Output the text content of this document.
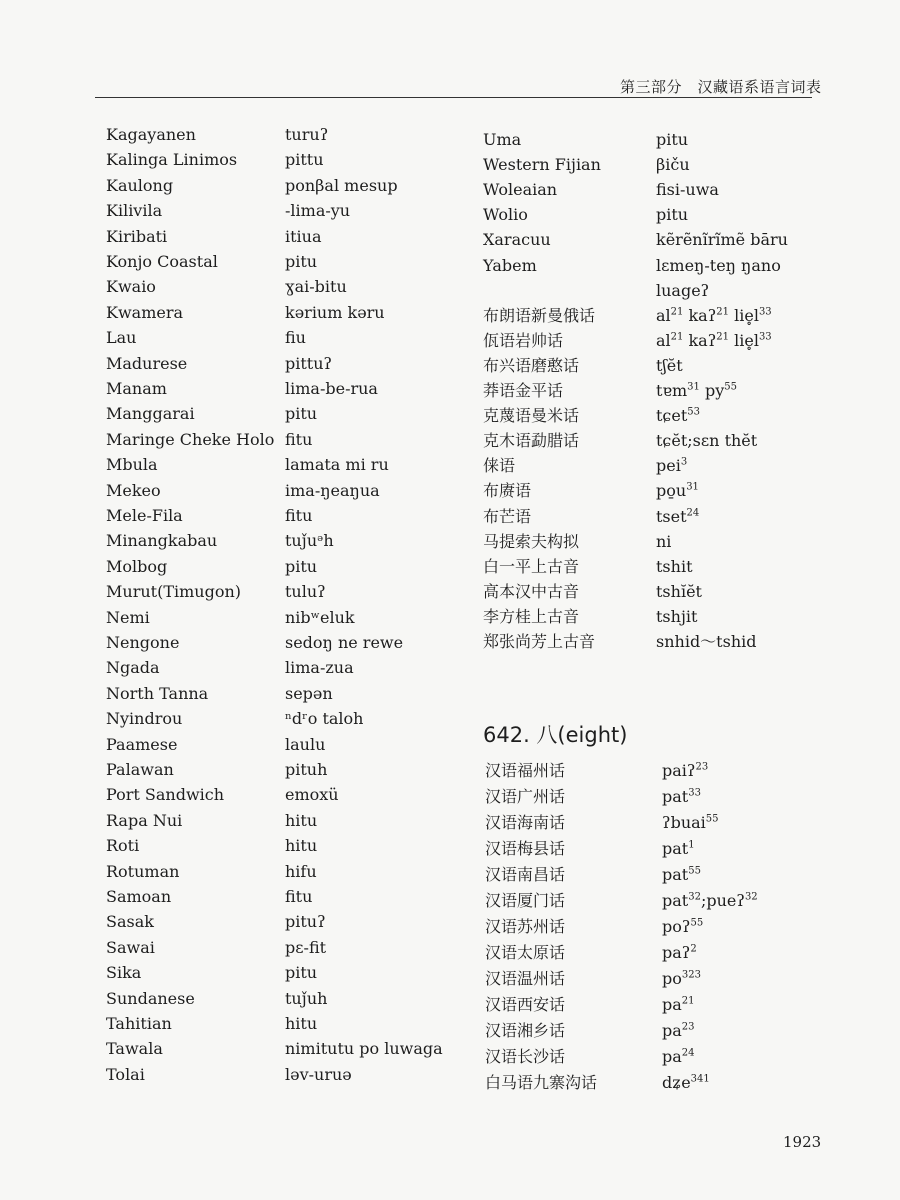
第三部分　汉藏语系语言词表
Kagayanen	turuʔ
Kalinga Linimos	pittu
Kaulong	ponβal mesup
Kilivila	-lima-yu
Kiribati	itiua
Konjo Coastal	pitu
Kwaio	ɣai-bitu
Kwamera	kərium kəru
Lau	fiu
Madurese	pittuʔ
Manam	lima-be-rua
Manggarai	pitu
Maringe Cheke Holo fitu
Mbula	lamata mi ru
Mekeo	ima-ŋeaŋua
Mele-Fila	fitu
Minangkabau	tuǰuᵊh
Molbog	pitu
Murut(Timugon)	tuluʔ
Nemi	nibʷeluk
Nengone	sedoŋ ne rewe
Ngada	lima-zua
North Tanna	sepən
Nyindrou	ⁿdʳo taloh
Paamese	laulu
Palawan	pituh
Port Sandwich	emoxü
Rapa Nui	hitu
Roti	hitu
Rotuman	hifu
Samoan	fitu
Sasak	pituʔ
Sawai	pɛ-fit
Sika	pitu
Sundanese	tuǰuh
Tahitian	hitu
Tawala	nimitutu po luwaga
Tolai	ləv-uruə
Uma	pitu
Western Fijian	βiču
Woleaian	fisi-uwa
Wolio	pitu
Xaracuu	kẽrẽnĩrĩmẽ bāru
Yabem	lɛmeŋ-teŋ ŋano
luageʔ
布朗语新曼俄话	$al^{21}$ kaʔ$^{21}$ $lie̥l^{33}$
佤语岩帅话	$al^{21}$ kaʔ$^{21}$ $lie̥l^{33}$
布兴语磨憨话	tʃĕt
莽语金平话	tɐm$^{31}$ $py^{55}$
克蔑语曼米话	tɕet$^{53}$
克木语勐腊话	tɕĕt;sɛn thĕt
俫语	pei$^3$
布赓语	$po̱u^{31}$
布芒语	tset$^{24}$
马提索夫构拟	ni
白一平上古音	tshit
高本汉中古音	tshĭĕt
李方桂上古音	tshjit
郑张尚芳上古音	snhid～tshid
642. 八(eight)
汉语福州话	paiʔ$^{23}$
汉语广州话	pat$^{33}$
汉语海南话	ʔbuai$^{55}$
汉语梅县话	pat$^1$
汉语南昌话	pat$^{55}$
汉语厦门话	pat$^{32}$;pueʔ$^{32}$
汉语苏州话	poʔ$^{55}$
汉语太原话	paʔ$^2$
汉语温州话	$po^{323}$
汉语西安话	$pa^{21}$
汉语湘乡话	$pa^{23}$
汉语长沙话	$pa^{24}$
白马语九寨沟话	dʑe$^{341}$
1923
